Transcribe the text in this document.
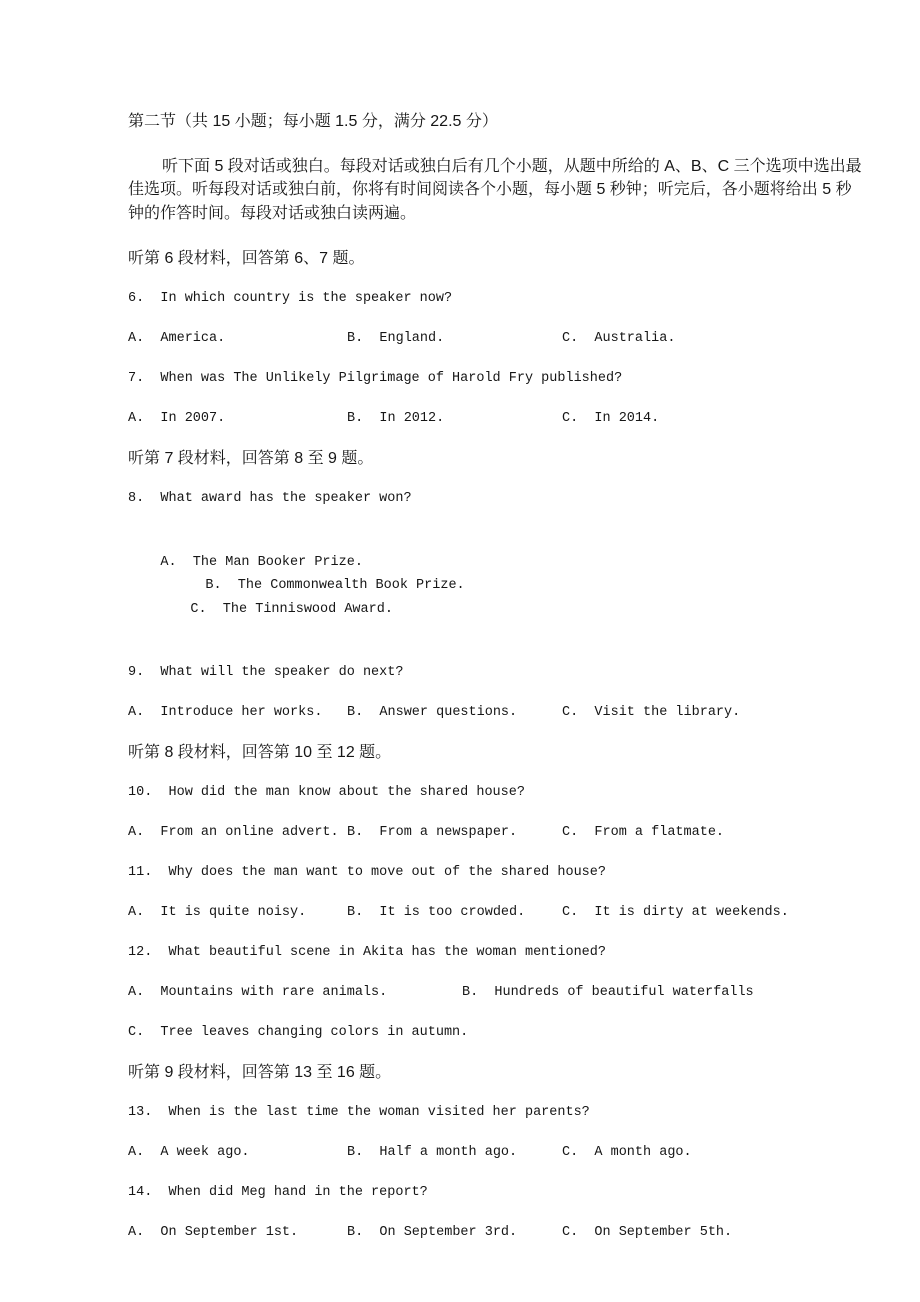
第二节（共 15 小题；每小题 1.5 分，满分 22.5 分）

听下面 5 段对话或独白。每段对话或独白后有几个小题，从题中所给的 A、B、C 三个选项中选出最佳选项。听每段对话或独白前，你将有时间阅读各个小题，每小题 5 秒钟；听完后，各小题将给出 5 秒钟的作答时间。每段对话或独白读两遍。

听第 6 段材料，回答第 6、7 题。

6.  In which country is the speaker now?

A.  America.	B.  England.	C.  Australia.

7.  When was The Unlikely Pilgrimage of Harold Fry published?

A.  In 2007.	B.  In 2012.	C.  In 2014.

听第 7 段材料，回答第 8 至 9 题。

8.  What award has the speaker won?

A.  The Man Booker Prize.
B.  The Commonwealth Book Prize.
C.  The Tinniswood Award.

9.  What will the speaker do next?

A.  Introduce her works.	B.  Answer questions.	C.  Visit the library.

听第 8 段材料，回答第 10 至 12 题。

10.  How did the man know about the shared house?

A.  From an online advert. B.  From a newspaper.	C.  From a flatmate.

11.  Why does the man want to move out of the shared house?

A.  It is quite noisy.	B.  It is too crowded.	C.  It is dirty at weekends.

12.  What beautiful scene in Akita has the woman mentioned?

A.  Mountains with rare animals.	B.  Hundreds of beautiful waterfalls

C.  Tree leaves changing colors in autumn.

听第 9 段材料，回答第 13 至 16 题。

13.  When is the last time the woman visited her parents?

A.  A week ago.	B.  Half a month ago.	C.  A month ago.

14.  When did Meg hand in the report?

A.  On September 1st.	B.  On September 3rd.	C.  On September 5th.
